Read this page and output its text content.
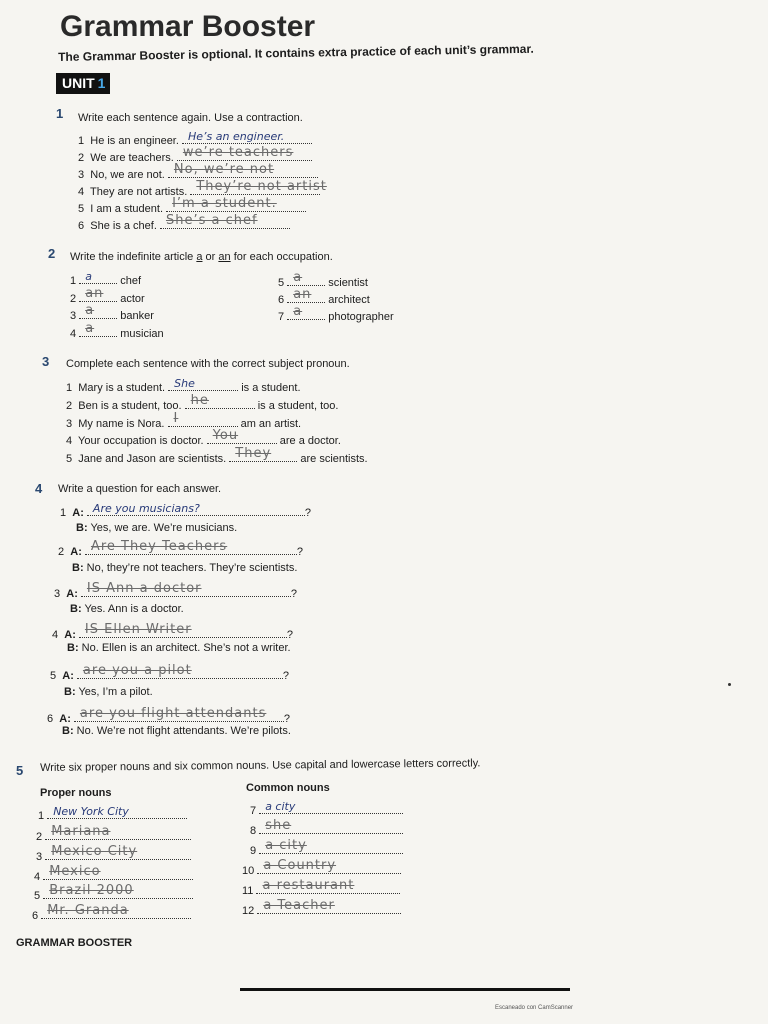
Grammar Booster
The Grammar Booster is optional. It contains extra practice of each unit’s grammar.
UNIT 1
1 Write each sentence again. Use a contraction.
1 He is an engineer. He’s an engineer.
2 We are teachers. we’re teachers
3 No, we are not. No, we’re not
4 They are not artists. They’re not artist
5 I am a student. I’m a student.
6 She is a chef. She’s a chef
2 Write the indefinite article a or an for each occupation.
1 a	chef
2 an actor
3 a banker
4 a musician
5 a scientist
6 an architect
7 a photographer
3 Complete each sentence with the correct subject pronoun.
1 Mary is a student. She	is a student.
2 Ben is a student, too. he	is a student, too.
3 My name is Nora. I	am an artist.
4 Your occupation is doctor. You	are a doctor.
5 Jane and Jason are scientists. They	are scientists.
4 Write a question for each answer.
1 A: Are you musicians?	?
B: Yes, we are. We’re musicians.
2 A: Are They Teachers	?
B: No, they’re not teachers. They’re scientists.
3 A: IS Ann a doctor	?
B: Yes. Ann is a doctor.
4 A: IS Ellen Writer	?
B: No. Ellen is an architect. She’s not a writer.
5 A: are you a pilot	?
B: Yes, I’m a pilot.
6 A: are you flight attendants ?
B: No. We’re not flight attendants. We’re pilots.
5 Write six proper nouns and six common nouns. Use capital and lowercase letters correctly.
Proper nouns	Common nouns
1 New York City
2 Mariana
3 Mexico City
4 Mexico
5 Brazil 2000
6 Mr. Granda
7 a city
8 she
9 a city
10 a Country
11 a restaurant
12 a Teacher
GRAMMAR BOOSTER
Escaneado con CamScanner
